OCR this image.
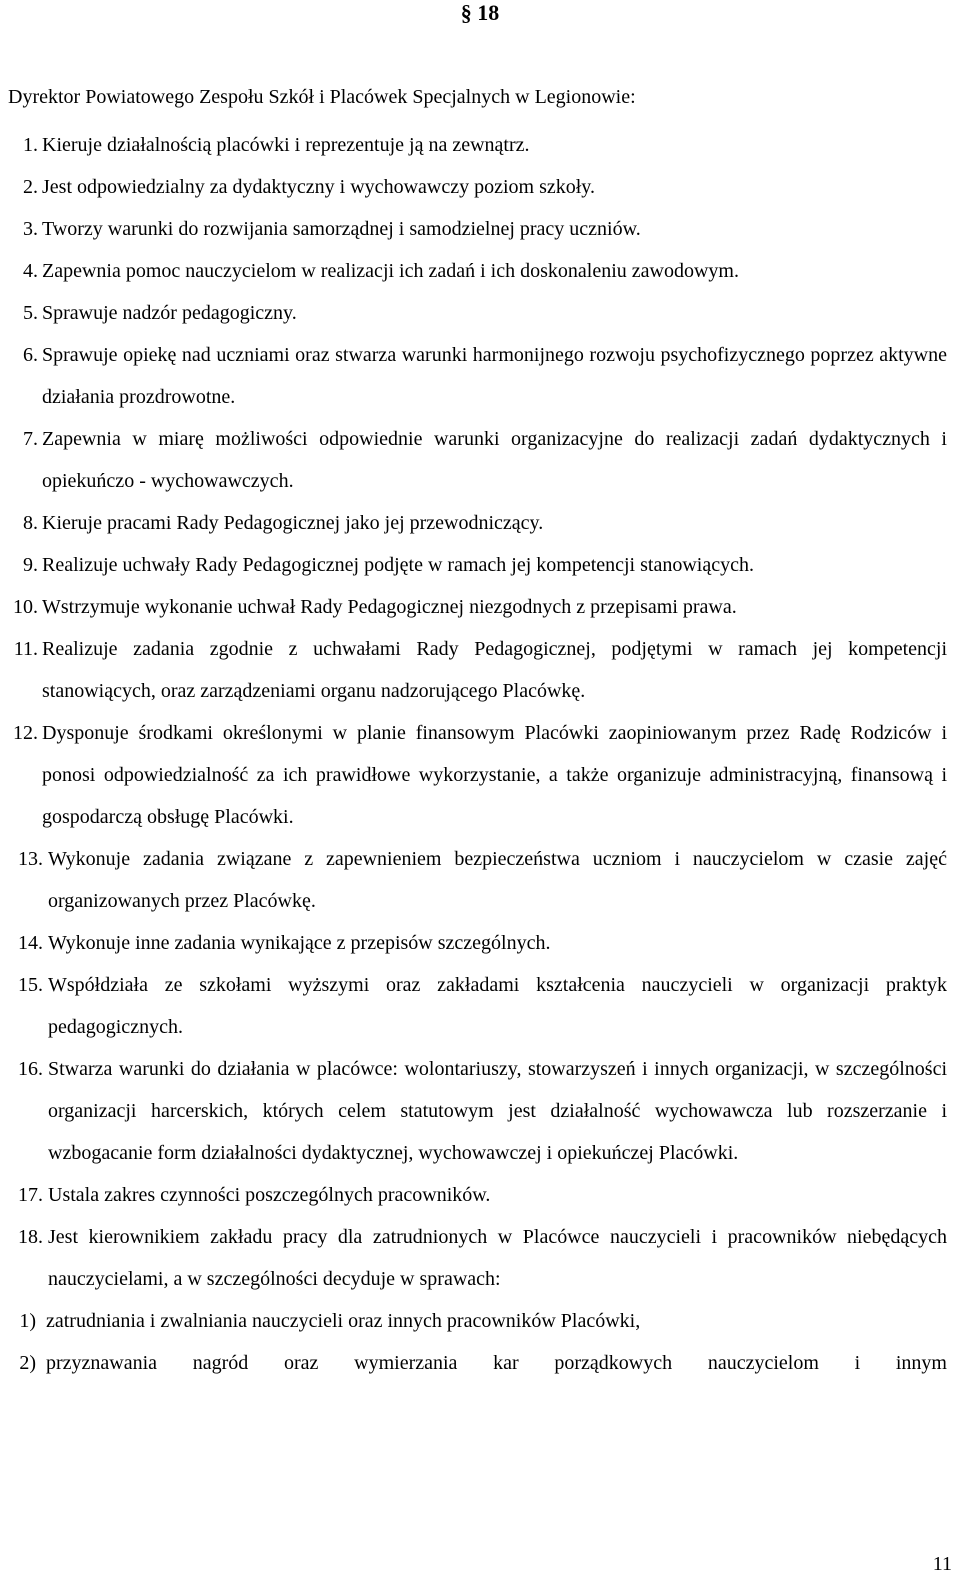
§ 18
Dyrektor Powiatowego Zespołu Szkół i Placówek Specjalnych w Legionowie:
1. Kieruje działalnością placówki i reprezentuje ją na zewnątrz.
2. Jest odpowiedzialny za dydaktyczny i wychowawczy poziom szkoły.
3. Tworzy warunki do rozwijania samorządnej i samodzielnej pracy uczniów.
4. Zapewnia pomoc nauczycielom w realizacji ich zadań i ich doskonaleniu zawodowym.
5. Sprawuje nadzór pedagogiczny.
6. Sprawuje opiekę nad uczniami oraz stwarza warunki harmonijnego rozwoju psychofizycznego poprzez aktywne działania prozdrowotne.
7. Zapewnia w miarę możliwości odpowiednie warunki organizacyjne do realizacji zadań dydaktycznych i opiekuńczo - wychowawczych.
8. Kieruje pracami Rady Pedagogicznej jako jej przewodniczący.
9. Realizuje uchwały Rady Pedagogicznej podjęte w ramach jej kompetencji stanowiących.
10. Wstrzymuje wykonanie uchwał Rady Pedagogicznej niezgodnych z przepisami prawa.
11. Realizuje zadania zgodnie z uchwałami Rady Pedagogicznej, podjętymi w ramach jej kompetencji stanowiących, oraz zarządzeniami organu nadzorującego Placówkę.
12. Dysponuje środkami określonymi w planie finansowym Placówki zaopiniowanym przez Radę Rodziców i ponosi odpowiedzialność za ich prawidłowe wykorzystanie, a także organizuje administracyjną, finansową i gospodarczą obsługę Placówki.
13. Wykonuje zadania związane z zapewnieniem bezpieczeństwa uczniom i nauczycielom w czasie zajęć organizowanych przez Placówkę.
14. Wykonuje inne zadania wynikające z przepisów szczególnych.
15. Współdziała ze szkołami wyższymi oraz zakładami kształcenia nauczycieli w organizacji praktyk pedagogicznych.
16. Stwarza warunki do działania w placówce: wolontariuszy, stowarzyszeń i innych organizacji, w szczególności organizacji harcerskich, których celem statutowym jest działalność wychowawcza lub rozszerzanie i wzbogacanie form działalności dydaktycznej, wychowawczej i opiekuńczej Placówki.
17. Ustala zakres czynności poszczególnych pracowników.
18. Jest kierownikiem zakładu pracy dla zatrudnionych w Placówce nauczycieli i pracowników niebędących nauczycielami, a w szczególności decyduje w sprawach:
1) zatrudniania i zwalniania nauczycieli oraz innych pracowników Placówki,
2) przyznawania nagród oraz wymierzania kar porządkowych nauczycielom i innym
11
